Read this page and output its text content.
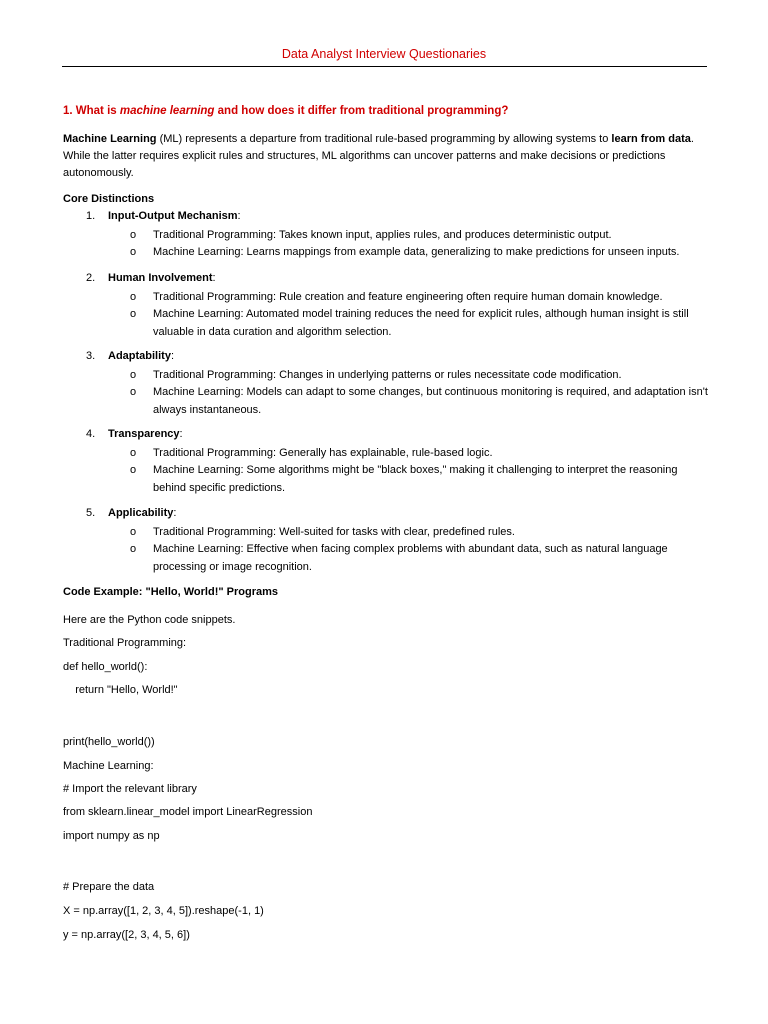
Data Analyst Interview Questionaries
1. What is machine learning and how does it differ from traditional programming?
Machine Learning (ML) represents a departure from traditional rule-based programming by allowing systems to learn from data. While the latter requires explicit rules and structures, ML algorithms can uncover patterns and make decisions or predictions autonomously.
Core Distinctions
1. Input-Output Mechanism:
o Traditional Programming: Takes known input, applies rules, and produces deterministic output.
o Machine Learning: Learns mappings from example data, generalizing to make predictions for unseen inputs.
2. Human Involvement:
o Traditional Programming: Rule creation and feature engineering often require human domain knowledge.
o Machine Learning: Automated model training reduces the need for explicit rules, although human insight is still valuable in data curation and algorithm selection.
3. Adaptability:
o Traditional Programming: Changes in underlying patterns or rules necessitate code modification.
o Machine Learning: Models can adapt to some changes, but continuous monitoring is required, and adaptation isn't always instantaneous.
4. Transparency:
o Traditional Programming: Generally has explainable, rule-based logic.
o Machine Learning: Some algorithms might be "black boxes," making it challenging to interpret the reasoning behind specific predictions.
5. Applicability:
o Traditional Programming: Well-suited for tasks with clear, predefined rules.
o Machine Learning: Effective when facing complex problems with abundant data, such as natural language processing or image recognition.
Code Example: "Hello, World!" Programs
Here are the Python code snippets.
Traditional Programming:
def hello_world():
return "Hello, World!"
print(hello_world())
Machine Learning:
# Import the relevant library
from sklearn.linear_model import LinearRegression
import numpy as np
# Prepare the data
X = np.array([1, 2, 3, 4, 5]).reshape(-1, 1)
y = np.array([2, 3, 4, 5, 6])
